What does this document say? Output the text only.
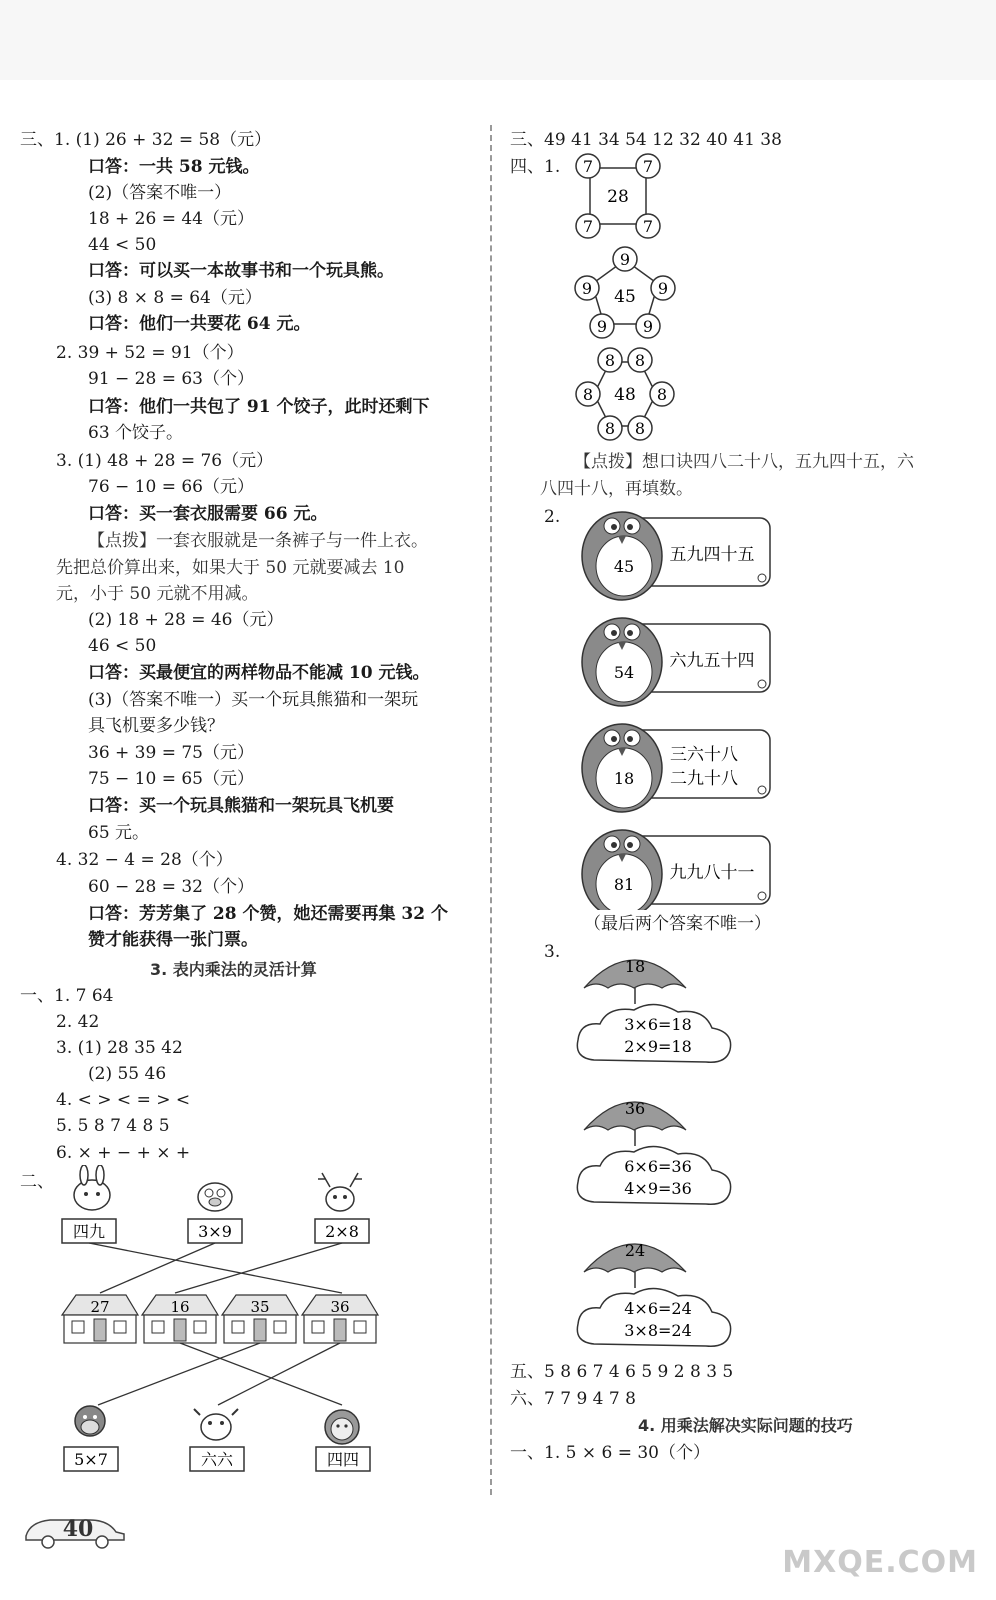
三、1. (1) 26 + 32 = 58（元）
口答：一共 58 元钱。
(2)（答案不唯一）
18 + 26 = 44（元）
44 < 50
口答：可以买一本故事书和一个玩具熊。
(3) 8 × 8 = 64（元）
口答：他们一共要花 64 元。
2. 39 + 52 = 91（个）
91 − 28 = 63（个）
口答：他们一共包了 91 个饺子，此时还剩下
63 个饺子。
3. (1) 48 + 28 = 76（元）
76 − 10 = 66（元）
口答：买一套衣服需要 66 元。
【点拨】一套衣服就是一条裤子与一件上衣。
先把总价算出来，如果大于 50 元就要减去 10
元，小于 50 元就不用减。
(2) 18 + 28 = 46（元）
46 < 50
口答：买最便宜的两样物品不能减 10 元钱。
(3)（答案不唯一）买一个玩具熊猫和一架玩
具飞机要多少钱？
36 + 39 = 75（元）
75 − 10 = 65（元）
口答：买一个玩具熊猫和一架玩具飞机要
65 元。
4. 32 − 4 = 28（个）
60 − 28 = 32（个）
口答：芳芳集了 28 个赞，她还需要再集 32 个
赞才能获得一张门票。
3. 表内乘法的灵活计算
一、1. 7 64
2. 42
3. (1) 28 35 42
(2) 55 46
4. < > < = > <
5. 5 8 7 4 8 5
6. × + − + × +
二、
四九	3×9	2×8
27	16	35	36
5×7	六六	四四
40
三、49 41 34 54 12 32 40 41 38
四、1.
28
7	7
7	7
45
9
9	9
9 9
48
8 8
8	8
8 8
【点拨】想口诀四八二十八，五九四十五，六
八四十八，再填数。
2.
45
五九四十五
54
六九五十四
18
三六十八
二九十八
81
九九八十一
（最后两个答案不唯一）
3.
18
3×6=18
2×9=18
36
6×6=36
4×9=36
24
4×6=24
3×8=24
五、5 8 6 7 4 6 5 9 2 8 3 5
六、7 7 9 4 7 8
4. 用乘法解决实际问题的技巧
一、1. 5 × 6 = 30（个）
MXQE.COM
